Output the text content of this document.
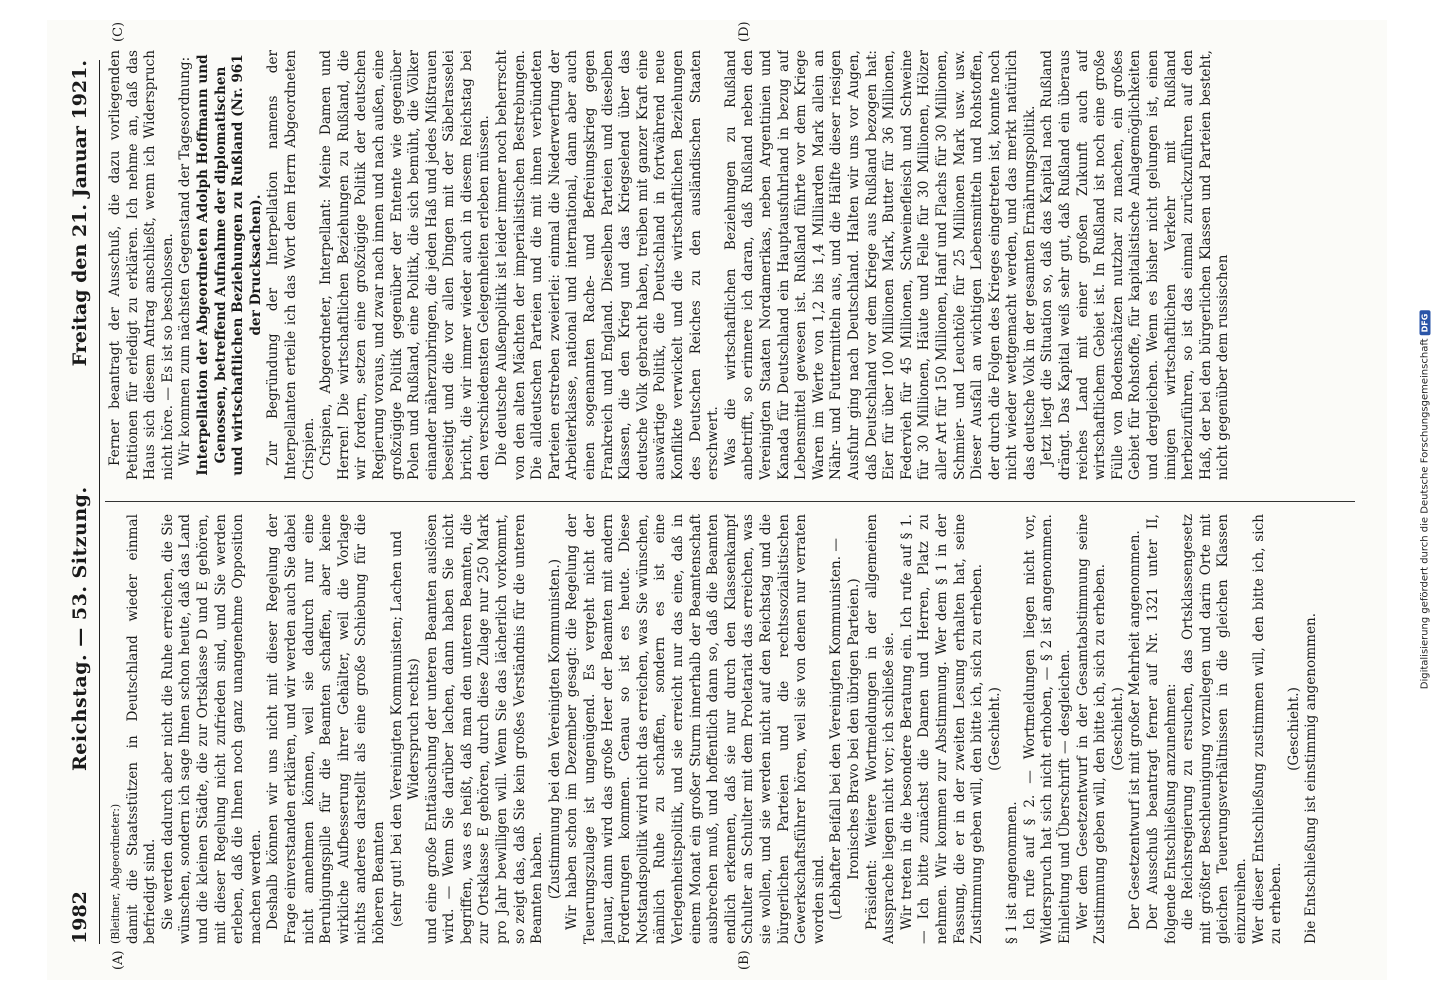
1982
Reichstag. — 53. Sitzung.
Freitag den 21. Januar 1921.
(A)	(B)
(C)	(D)

(Bleitner, Abgeordneter:) damit die Staatsstützen in Deutschland wieder einmal befriedigt sind. Sie werden dadurch aber nicht die Ruhe erreichen, die Sie wünschen, sondern ich sage Ihnen schon heute, daß das Land und die kleinen Städte, die zur Ortsklasse D und E gehören, mit dieser Regelung nicht zufrieden sind, und Sie werden erleben, daß die Ihnen noch ganz unangenehme Opposition machen werden. Deshalb können wir uns nicht mit dieser Regelung der Frage einverstanden erklären, und wir werden auch Sie dabei nicht annehmen können, weil sie dadurch nur eine Beruhigungspille für die Beamten schaffen, aber keine wirkliche Aufbesserung ihrer Gehälter, weil die Vorlage nichts anderes darstellt als eine große Schiebung für die höheren Beamten (sehr gut! bei den Vereinigten Kommunisten; Lachen und Widerspruch rechts) und eine große Enttäuschung der unteren Beamten auslösen wird. — Wenn Sie darüber lachen, dann haben Sie nicht begriffen, was es heißt, daß man den unteren Beamten, die zur Ortsklasse E gehören, durch diese Zulage nur 250 Mark pro Jahr bewilligen will. Wenn Sie das lächerlich vorkommt, so zeigt das, daß Sie kein großes Verständnis für die unteren Beamten haben. (Zustimmung bei den Vereinigten Kommunisten.) Wir haben schon im Dezember gesagt: die Regelung der Teuerungszulage ist ungenügend. Es vergeht nicht der Januar, dann wird das große Heer der Beamten mit andern Forderungen kommen. Genau so ist es heute. Diese Notstandspolitik wird nicht das erreichen, was Sie wünschen, nämlich Ruhe zu schaffen, sondern es ist eine Verlegenheitspolitik, und sie erreicht nur das eine, daß in einem Monat ein großer Sturm innerhalb der Beamtenschaft ausbrechen muß, und hoffentlich dann so, daß die Beamten endlich erkennen, daß sie nur durch den Klassenkampf Schulter an Schulter mit dem Proletariat das erreichen, was sie wollen, und sie werden nicht auf den Reichstag und die bürgerlichen Parteien und die rechtssozialistischen Gewerkschaftsführer hören, weil sie von denen nur verraten worden sind. (Lebhafter Beifall bei den Vereinigten Kommunisten. — Ironisches Bravo bei den übrigen Parteien.) Präsident: Weitere Wortmeldungen in der allgemeinen Aussprache liegen nicht vor; ich schließe sie. Wir treten in die besondere Beratung ein. Ich rufe auf § 1. — Ich bitte zunächst die Damen und Herren, Platz zu nehmen. Wir kommen zur Abstimmung. Wer dem § 1 in der Fassung, die er in der zweiten Lesung erhalten hat, seine Zustimmung geben will, den bitte ich, sich zu erheben. (Geschieht.)

§ 1 ist angenommen. Ich rufe auf § 2. — Wortmeldungen liegen nicht vor, Widerspruch hat sich nicht erhoben, — § 2 ist angenommen. Einleitung und Überschrift — desgleichen. Wer dem Gesetzentwurf in der Gesamtabstimmung seine Zustimmung geben will, den bitte ich, sich zu erheben. (Geschieht.) Der Gesetzentwurf ist mit großer Mehrheit angenommen. Der Ausschuß beantragt ferner auf Nr. 1321 unter II, folgende Entschließung anzunehmen: die Reichsregierung zu ersuchen, das Ortsklassengesetz mit größter Beschleunigung vorzulegen und darin Orte mit gleichen Teuerungsverhältnissen in die gleichen Klassen einzureihen. Wer dieser Entschließung zustimmen will, den bitte ich, sich zu erheben.

(Geschieht.) Die Entschließung ist einstimmig angenommen.

Ferner beantragt der Ausschuß, die dazu vorliegenden Petitionen für erledigt zu erklären. Ich nehme an, daß das Haus sich diesem Antrag anschließt, wenn ich Widerspruch nicht höre. — Es ist so beschlossen. Wir kommen zum nächsten Gegenstand der Tagesordnung: Interpellation der Abgeordneten Adolph Hoffmann und Genossen, betreffend Aufnahme der diplomatischen und wirtschaftlichen Beziehungen zu Rußland (Nr. 961 der Drucksachen). Zur Begründung der Interpellation namens der Interpellanten erteile ich das Wort dem Herrn Abgeordneten Crispien. Crispien, Abgeordneter, Interpellant: Meine Damen und Herren! Die wirtschaftlichen Beziehungen zu Rußland, die wir fordern, setzen eine großzügige Politik der deutschen Regierung voraus, und zwar nach innen und nach außen, eine großzügige Politik gegenüber der Entente wie gegenüber Polen und Rußland, eine Politik, die sich bemüht, die Völker einander näherzubringen, die jeden Haß und jedes Mißtrauen beseitigt und die vor allen Dingen mit der Säbelrasselei bricht, die wir immer wieder auch in diesem Reichstag bei den verschiedensten Gelegenheiten erleben müssen. Die deutsche Außenpolitik ist leider immer noch beherrscht von den alten Mächten der imperialistischen Bestrebungen. Die alldeutschen Parteien und die mit ihnen verbündeten Parteien erstreben zweierlei: einmal die Niederwerfung der Arbeiterklasse, national und international, dann aber auch einen sogenannten Rache- und Befreiungskrieg gegen Frankreich und England. Dieselben Parteien und dieselben Klassen, die den Krieg und das Kriegselend über das deutsche Volk gebracht haben, treiben mit ganzer Kraft eine auswärtige Politik, die Deutschland in fortwährend neue Konflikte verwickelt und die wirtschaftlichen Beziehungen des Deutschen Reiches zu den ausländischen Staaten erschwert. Was die wirtschaftlichen Beziehungen zu Rußland anbetrifft, so erinnere ich daran, daß Rußland neben den Vereinigten Staaten Nordamerikas, neben Argentinien und Kanada für Deutschland ein Hauptausfuhrland in bezug auf Lebensmittel gewesen ist. Rußland führte vor dem Kriege Waren im Werte von 1,2 bis 1,4 Milliarden Mark allein an Nähr- und Futtermitteln aus, und die Hälfte dieser riesigen Ausfuhr ging nach Deutschland. Halten wir uns vor Augen, daß Deutschland vor dem Kriege aus Rußland bezogen hat: Eier für über 100 Millionen Mark, Butter für 36 Millionen, Federvieh für 45 Millionen, Schweinefleisch und Schweine für 30 Millionen, Häute und Felle für 30 Millionen, Hölzer aller Art für 150 Millionen, Hanf und Flachs für 30 Millionen, Schmier- und Leuchtöle für 25 Millionen Mark usw. usw. Dieser Ausfall an wichtigen Lebensmitteln und Rohstoffen, der durch die Folgen des Krieges eingetreten ist, konnte noch nicht wieder wettgemacht werden, und das merkt natürlich das deutsche Volk in der gesamten Ernährungspolitik. Jetzt liegt die Situation so, daß das Kapital nach Rußland drängt. Das Kapital weiß sehr gut, daß Rußland ein überaus reiches Land mit einer großen Zukunft auch auf wirtschaftlichem Gebiet ist. In Rußland ist noch eine große Fülle von Bodenschätzen nutzbar zu machen, ein großes Gebiet für Rohstoffe, für kapitalistische Anlagemöglichkeiten und dergleichen. Wenn es bisher nicht gelungen ist, einen innigen wirtschaftlichen Verkehr mit Rußland herbeizuführen, so ist das einmal zurückzuführen auf den Haß, der bei den bürgerlichen Klassen und Parteien besteht, nicht gegenüber dem russischen	Digitalisierung gefördert durch die Deutsche Forschungsgemeinschaft
DFG
